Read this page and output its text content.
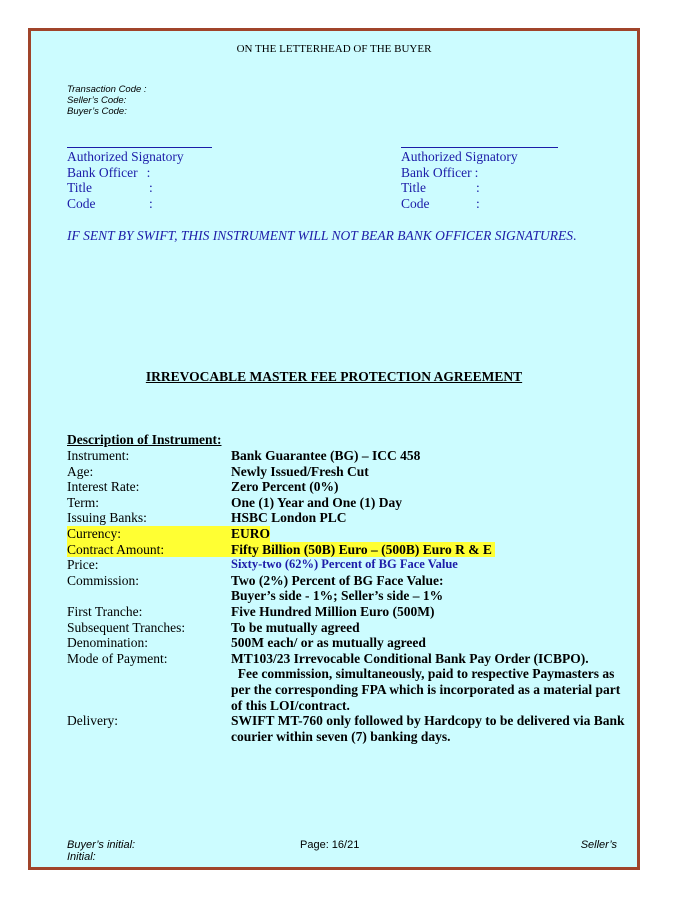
ON THE LETTERHEAD OF THE BUYER
Transaction Code :
Seller’s Code:
Buyer’s Code:
Authorized Signatory
Bank Officer :
Title	:
Code	:
Authorized Signatory
Bank Officer :
Title	:
Code	:
IF SENT BY SWIFT, THIS INSTRUMENT WILL NOT BEAR BANK OFFICER SIGNATURES.
IRREVOCABLE MASTER FEE PROTECTION AGREEMENT
Description of Instrument:
Instrument:	Bank Guarantee (BG) – ICC 458
Age:	Newly Issued/Fresh Cut
Interest Rate:	Zero Percent (0%)
Term:	One (1) Year and One (1) Day
Issuing Banks:	HSBC London PLC
Currency:	EURO
Contract Amount:	Fifty Billion (50B) Euro – (500B) Euro R & E
Price:	Sixty-two (62%) Percent of BG Face Value
Commission:	Two (2%) Percent of BG Face Value:
Buyer’s side - 1%; Seller’s side – 1%
First Tranche:	Five Hundred Million Euro (500M)
Subsequent Tranches:	To be mutually agreed
Denomination:	500M each/ or as mutually agreed
Mode of Payment:	MT103/23 Irrevocable Conditional Bank Pay Order (ICBPO).
Fee commission, simultaneously, paid to respective Paymasters as per the corresponding FPA which is incorporated as a material part of this LOI/contract.
Delivery:	SWIFT MT-760 only followed by Hardcopy to be delivered via Bank courier within seven (7) banking days.
Buyer’s initial:
Initial:
Page: 16/21	Seller’s
